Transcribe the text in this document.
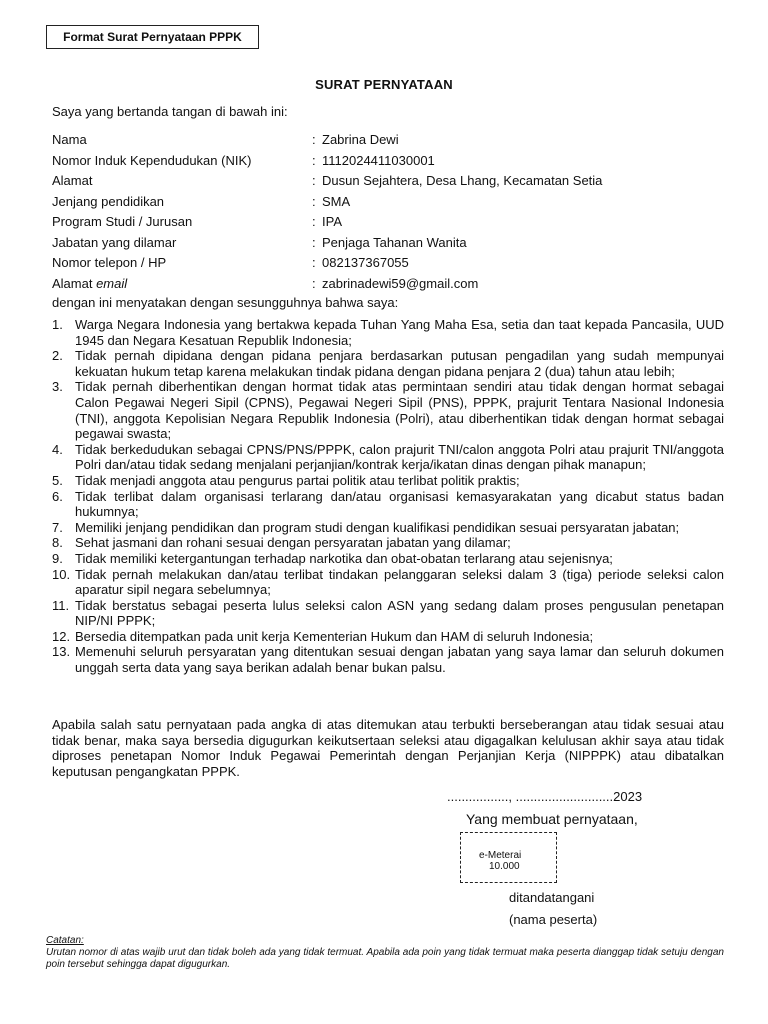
Format Surat Pernyataan PPPK
SURAT PERNYATAAN
Saya yang bertanda tangan di bawah ini:
Nama	: Zabrina Dewi
Nomor Induk Kependudukan (NIK)	: 1112024411030001
Alamat	: Dusun Sejahtera, Desa Lhang, Kecamatan Setia
Jenjang pendidikan	: SMA
Program Studi / Jurusan	: IPA
Jabatan yang dilamar	: Penjaga Tahanan Wanita
Nomor telepon / HP	: 082137367055
Alamat email	: zabrinadewi59@gmail.com
dengan ini menyatakan dengan sesungguhnya bahwa saya:
1. Warga Negara Indonesia yang bertakwa kepada Tuhan Yang Maha Esa, setia dan taat kepada Pancasila, UUD 1945 dan Negara Kesatuan Republik Indonesia;
2. Tidak pernah dipidana dengan pidana penjara berdasarkan putusan pengadilan yang sudah mempunyai kekuatan hukum tetap karena melakukan tindak pidana dengan pidana penjara 2 (dua) tahun atau lebih;
3. Tidak pernah diberhentikan dengan hormat tidak atas permintaan sendiri atau tidak dengan hormat sebagai Calon Pegawai Negeri Sipil (CPNS), Pegawai Negeri Sipil (PNS), PPPK, prajurit Tentara Nasional Indonesia (TNI), anggota Kepolisian Negara Republik Indonesia (Polri), atau diberhentikan tidak dengan hormat sebagai pegawai swasta;
4. Tidak berkedudukan sebagai CPNS/PNS/PPPK, calon prajurit TNI/calon anggota Polri atau prajurit TNI/anggota Polri dan/atau tidak sedang menjalani perjanjian/kontrak kerja/ikatan dinas dengan pihak manapun;
5. Tidak menjadi anggota atau pengurus partai politik atau terlibat politik praktis;
6. Tidak terlibat dalam organisasi terlarang dan/atau organisasi kemasyarakatan yang dicabut status badan hukumnya;
7. Memiliki jenjang pendidikan dan program studi dengan kualifikasi pendidikan sesuai persyaratan jabatan;
8. Sehat jasmani dan rohani sesuai dengan persyaratan jabatan yang dilamar;
9. Tidak memiliki ketergantungan terhadap narkotika dan obat-obatan terlarang atau sejenisnya;
10. Tidak pernah melakukan dan/atau terlibat tindakan pelanggaran seleksi dalam 3 (tiga) periode seleksi calon aparatur sipil negara sebelumnya;
11. Tidak berstatus sebagai peserta lulus seleksi calon ASN yang sedang dalam proses pengusulan penetapan NIP/NI PPPK;
12. Bersedia ditempatkan pada unit kerja Kementerian Hukum dan HAM di seluruh Indonesia;
13. Memenuhi seluruh persyaratan yang ditentukan sesuai dengan jabatan yang saya lamar dan seluruh dokumen unggah serta data yang saya berikan adalah benar bukan palsu.
Apabila salah satu pernyataan pada angka di atas ditemukan atau terbukti berseberangan atau tidak sesuai atau tidak benar, maka saya bersedia digugurkan keikutsertaan seleksi atau digagalkan kelulusan akhir saya atau tidak diproses penetapan Nomor Induk Pegawai Pemerintah dengan Perjanjian Kerja (NIPPPK) atau dibatalkan keputusan pengangkatan PPPK.
................., ...........................2023
Yang membuat pernyataan,
e-Meterai
10.000
ditandatangani
(nama peserta)
Catatan:
Urutan nomor di atas wajib urut dan tidak boleh ada yang tidak termuat. Apabila ada poin yang tidak termuat maka peserta dianggap tidak setuju dengan poin tersebut sehingga dapat digugurkan.
